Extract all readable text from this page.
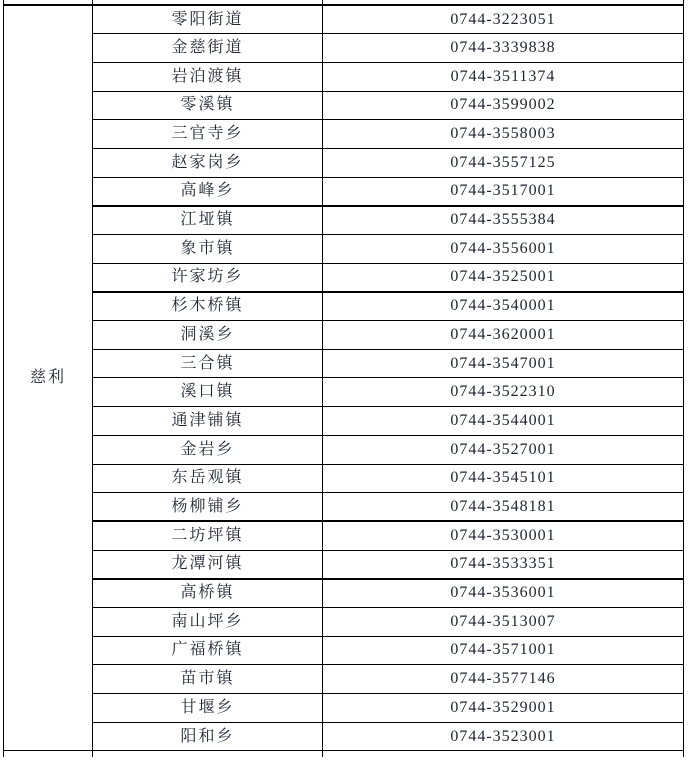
慈利	零阳街道	0744-3223051
	金慈街道	0744-3339838
	岩泊渡镇	0744-3511374
	零溪镇	0744-3599002
	三官寺乡	0744-3558003
	赵家岗乡	0744-3557125
	高峰乡	0744-3517001
	江垭镇	0744-3555384
	象市镇	0744-3556001
	许家坊乡	0744-3525001
	杉木桥镇	0744-3540001
	洞溪乡	0744-3620001
	三合镇	0744-3547001
	溪口镇	0744-3522310
	通津铺镇	0744-3544001
	金岩乡	0744-3527001
	东岳观镇	0744-3545101
	杨柳铺乡	0744-3548181
	二坊坪镇	0744-3530001
	龙潭河镇	0744-3533351
	高桥镇	0744-3536001
	南山坪乡	0744-3513007
	广福桥镇	0744-3571001
	苗市镇	0744-3577146
	甘堰乡	0744-3529001
	阳和乡	0744-3523001
